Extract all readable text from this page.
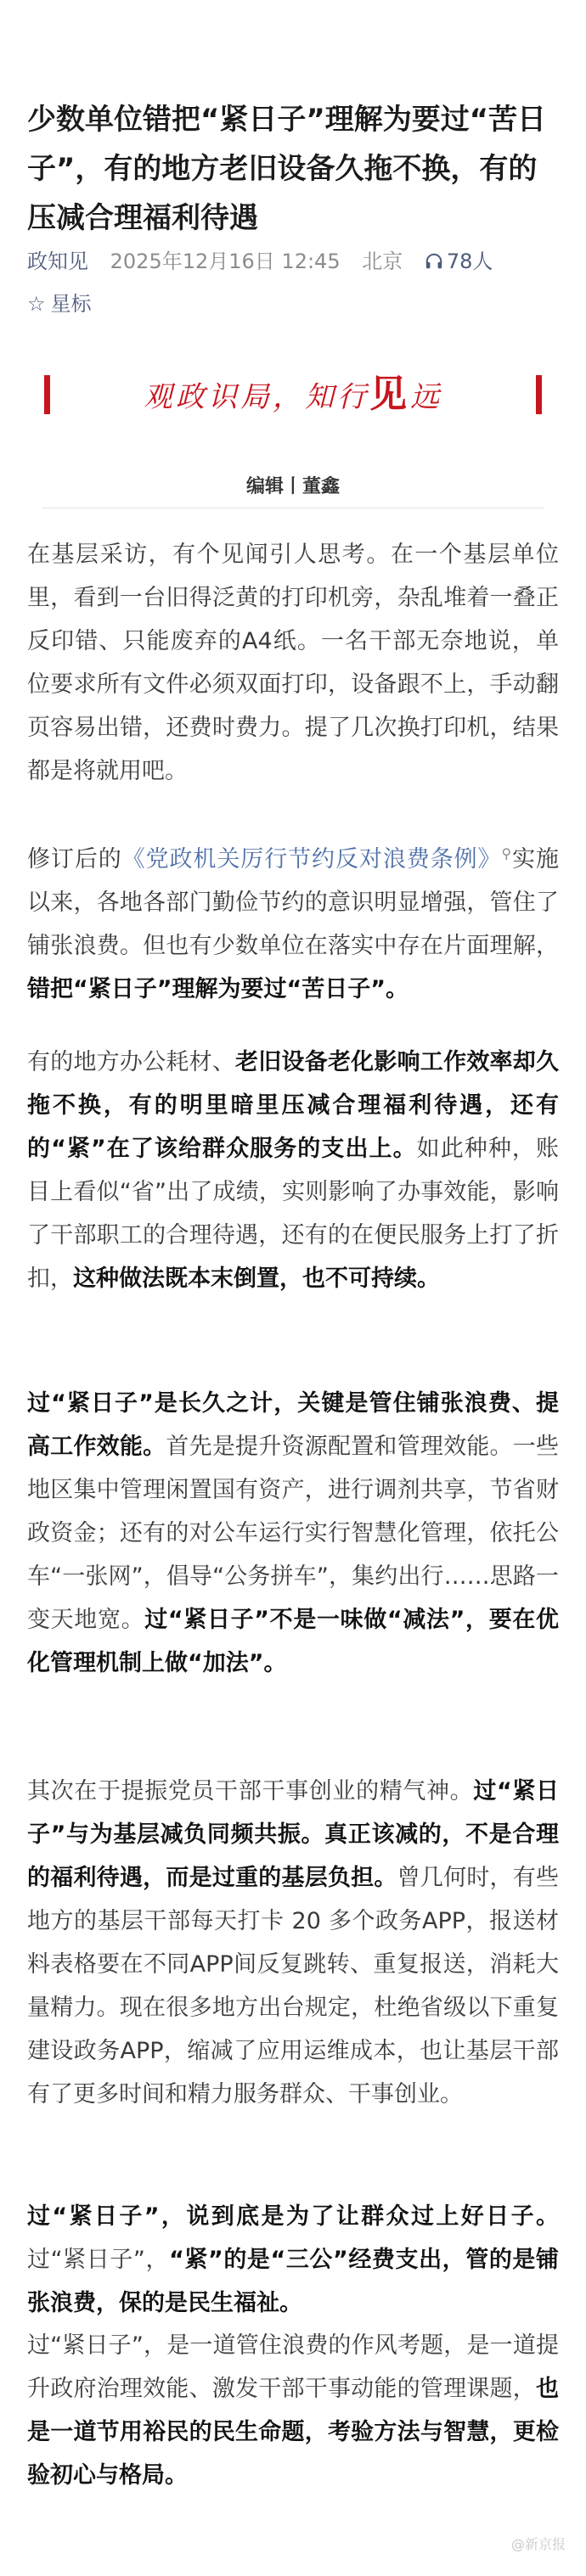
少数单位错把“紧日子”理解为要过“苦日子”，有的地方老旧设备久拖不换，有的压减合理福利待遇
政知见 2025年12月16日 12:45 北京 78人
☆ 星标
观政识局，知行见远
编辑丨董鑫

在基层采访，有个见闻引人思考。在一个基层单位里，看到一台旧得泛黄的打印机旁，杂乱堆着一叠正反印错、只能废弃的A4纸。一名干部无奈地说，单位要求所有文件必须双面打印，设备跟不上，手动翻页容易出错，还费时费力。提了几次换打印机，结果都是将就用吧。

修订后的《党政机关厉行节约反对浪费条例》⚲实施以来，各地各部门勤俭节约的意识明显增强，管住了铺张浪费。但也有少数单位在落实中存在片面理解，错把“紧日子”理解为要过“苦日子”。

有的地方办公耗材、老旧设备老化影响工作效率却久拖不换，有的明里暗里压减合理福利待遇，还有的“紧”在了该给群众服务的支出上。如此种种，账目上看似“省”出了成绩，实则影响了办事效能，影响了干部职工的合理待遇，还有的在便民服务上打了折扣，这种做法既本末倒置，也不可持续。

过“紧日子”是长久之计，关键是管住铺张浪费、提高工作效能。首先是提升资源配置和管理效能。一些地区集中管理闲置国有资产，进行调剂共享，节省财政资金；还有的对公车运行实行智慧化管理，依托公车“一张网”，倡导“公务拼车”，集约出行……思路一变天地宽。过“紧日子”不是一味做“减法”，要在优化管理机制上做“加法”。

其次在于提振党员干部干事创业的精气神。过“紧日子”与为基层减负同频共振。真正该减的，不是合理的福利待遇，而是过重的基层负担。曾几何时，有些地方的基层干部每天打卡 20 多个政务APP，报送材料表格要在不同APP间反复跳转、重复报送，消耗大量精力。现在很多地方出台规定，杜绝省级以下重复建设政务APP，缩减了应用运维成本，也让基层干部有了更多时间和精力服务群众、干事创业。

过“紧日子”，说到底是为了让群众过上好日子。过“紧日子”，“紧”的是“三公”经费支出，管的是铺张浪费，保的是民生福祉。

过“紧日子”，是一道管住浪费的作风考题，是一道提升政府治理效能、激发干部干事动能的管理课题，也是一道节用裕民的民生命题，考验方法与智慧，更检验初心与格局。

@新京报
